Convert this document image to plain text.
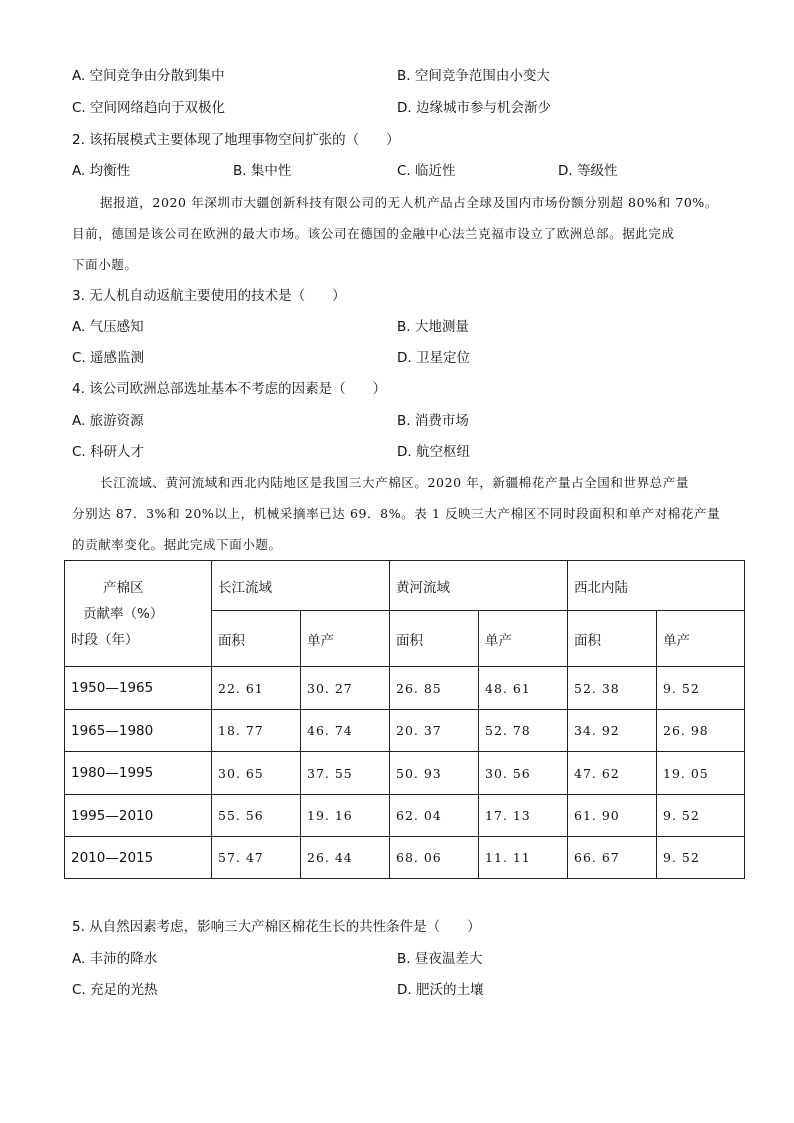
A. 空间竞争由分散到集中	B. 空间竞争范围由小变大
C. 空间网络趋向于双极化	D. 边缘城市参与机会渐少
2. 该拓展模式主要体现了地理事物空间扩张的（　　）
A. 均衡性	B. 集中性	C. 临近性	D. 等级性
据报道，2020 年深圳市大疆创新科技有限公司的无人机产品占全球及国内市场份额分别超 80%和 70%。
目前，德国是该公司在欧洲的最大市场。该公司在德国的金融中心法兰克福市设立了欧洲总部。据此完成
下面小题。
3. 无人机自动返航主要使用的技术是（　　）
A. 气压感知	B. 大地测量
C. 遥感监测	D. 卫星定位
4. 该公司欧洲总部选址基本不考虑的因素是（　　）
A. 旅游资源	B. 消费市场
C. 科研人才	D. 航空枢纽
长江流域、黄河流域和西北内陆地区是我国三大产棉区。2020 年，新疆棉花产量占全国和世界总产量
分别达 87．3%和 20%以上，机械采摘率已达 69．8%。表 1 反映三大产棉区不同时段面积和单产对棉花产量
的贡献率变化。据此完成下面小题。
产棉区
贡献率（%）
时段（年）	长江流域		黄河流域		西北内陆	
	面积	单产	面积	单产	面积	单产
1950—1965	22. 61	30. 27	26. 85	48. 61	52. 38	9. 52
1965—1980	18. 77	46. 74	20. 37	52. 78	34. 92	26. 98
1980—1995	30. 65	37. 55	50. 93	30. 56	47. 62	19. 05
1995—2010	55. 56	19. 16	62. 04	17. 13	61. 90	9. 52
2010—2015	57. 47	26. 44	68. 06	11. 11	66. 67	9. 52
5. 从自然因素考虑，影响三大产棉区棉花生长的共性条件是（　　）
A. 丰沛的降水	B. 昼夜温差大
C. 充足的光热	D. 肥沃的土壤
